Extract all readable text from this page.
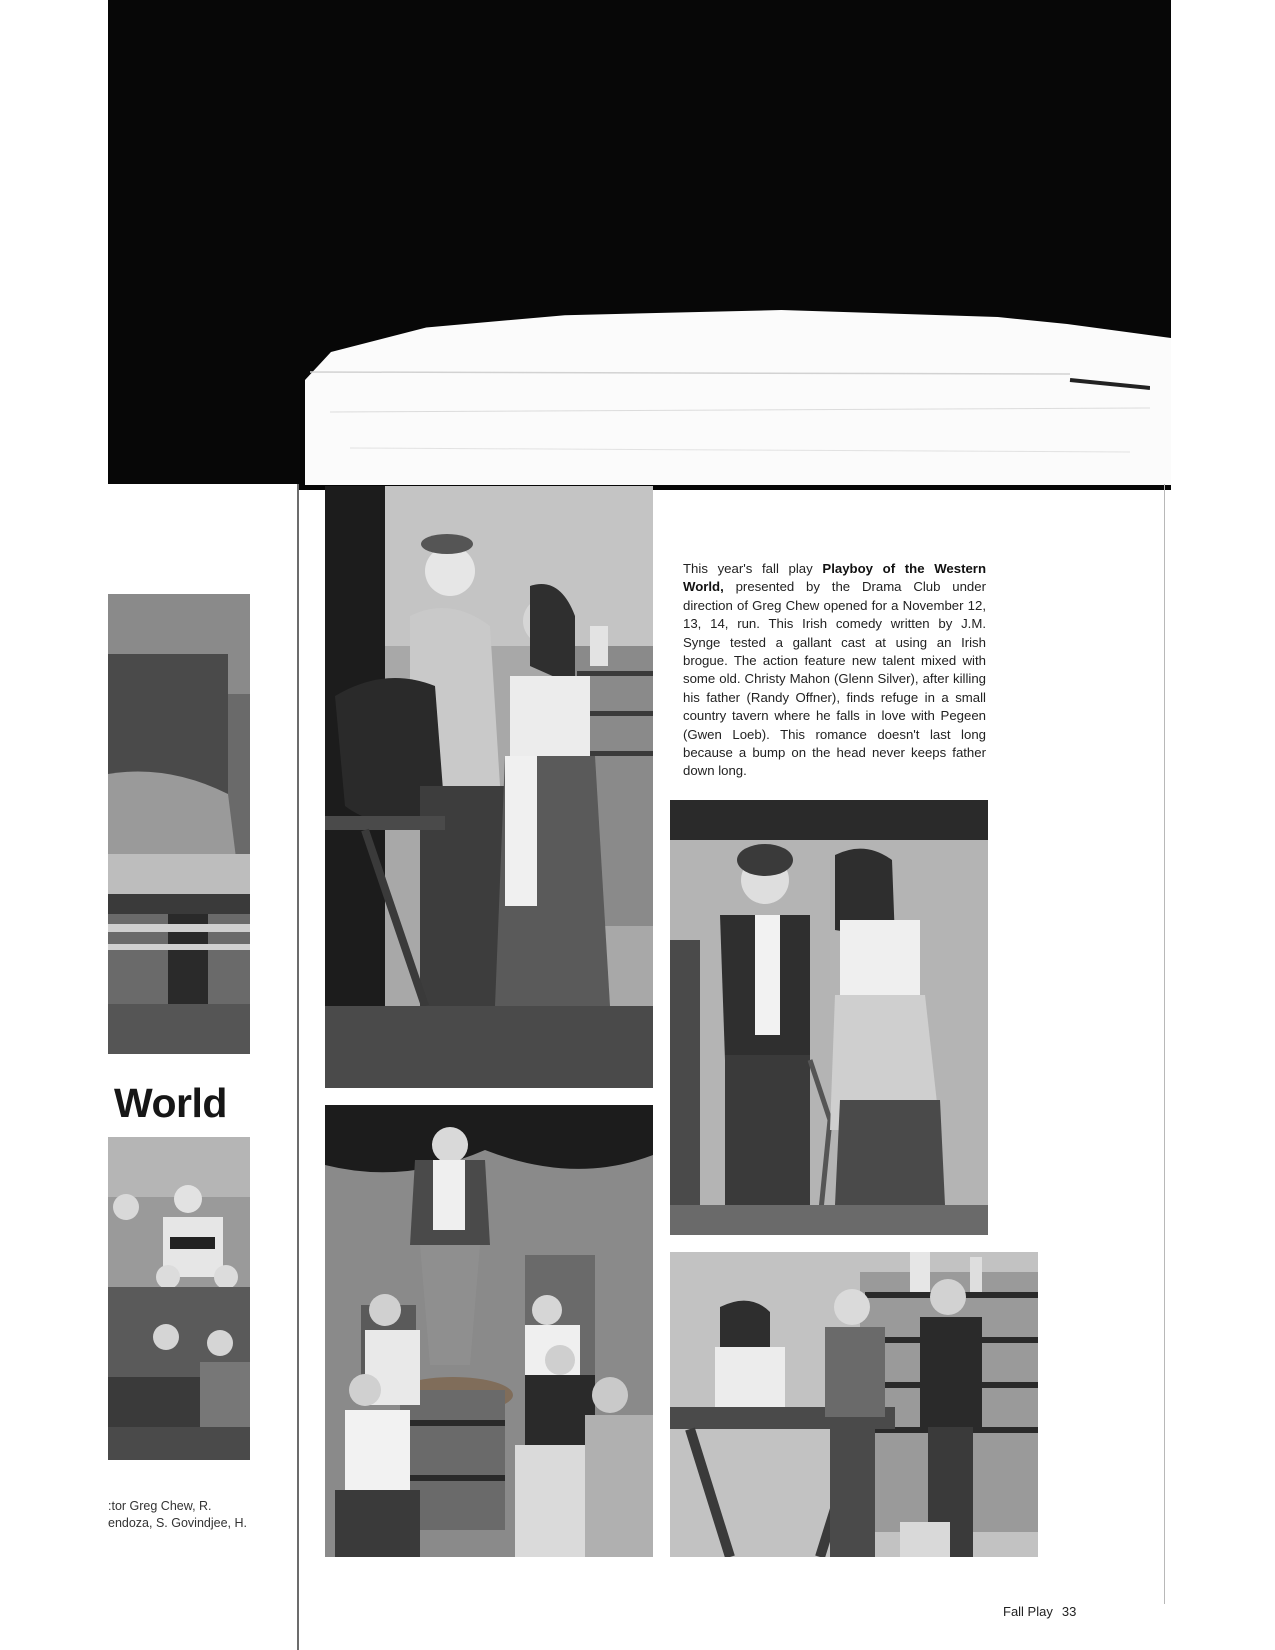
World
:tor Greg Chew, R.
endoza, S. Govindjee, H.
This year's fall play Playboy of the Western World, presented by the Drama Club under direction of Greg Chew opened for a November 12, 13, 14, run. This Irish comedy written by J.M. Synge tested a gallant cast at using an Irish brogue. The action feature new talent mixed with some old. Christy Mahon (Glenn Silver), after killing his father (Randy Offner), finds refuge in a small country tavern where he falls in love with Pegeen (Gwen Loeb). This romance doesn't last long because a bump on the head never keeps father down long.
Fall Play 33
